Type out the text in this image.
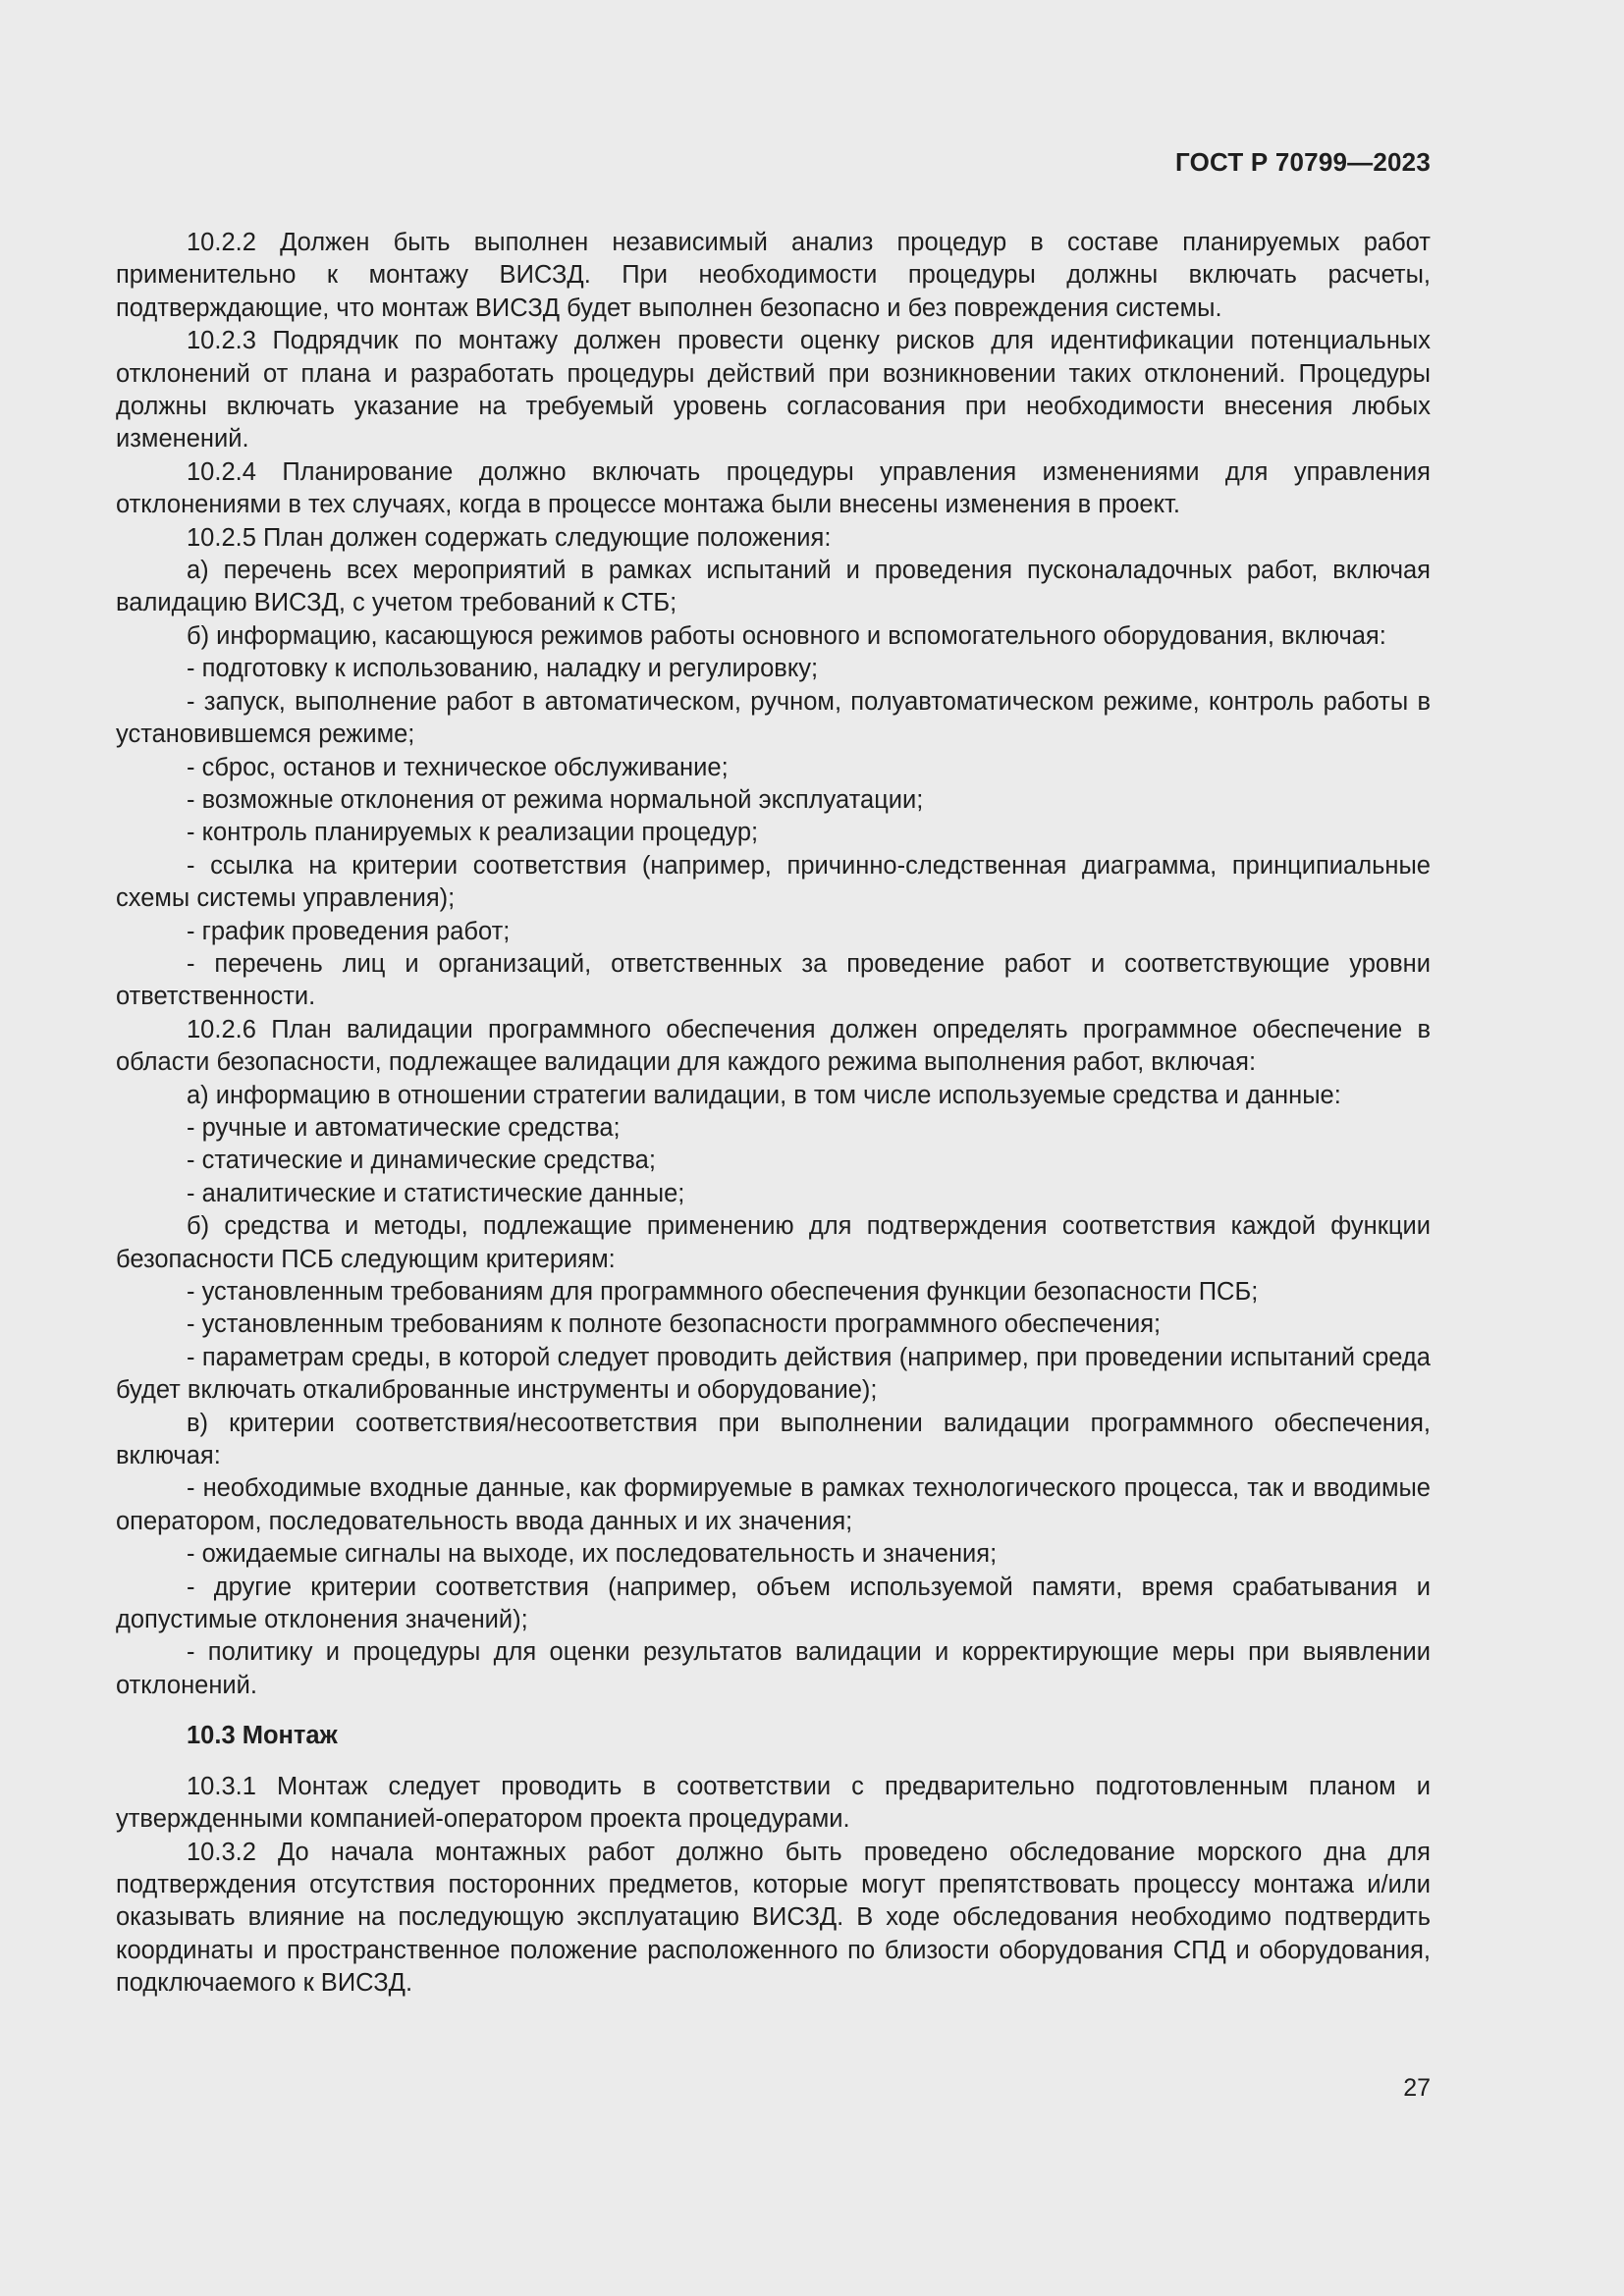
ГОСТ Р 70799—2023

10.2.2 Должен быть выполнен независимый анализ процедур в составе планируемых работ применительно к монтажу ВИСЗД. При необходимости процедуры должны включать расчеты, подтверждающие, что монтаж ВИСЗД будет выполнен безопасно и без повреждения системы.

10.2.3 Подрядчик по монтажу должен провести оценку рисков для идентификации потенциальных отклонений от плана и разработать процедуры действий при возникновении таких отклонений. Процедуры должны включать указание на требуемый уровень согласования при необходимости внесения любых изменений.

10.2.4 Планирование должно включать процедуры управления изменениями для управления отклонениями в тех случаях, когда в процессе монтажа были внесены изменения в проект.

10.2.5 План должен содержать следующие положения:

а) перечень всех мероприятий в рамках испытаний и проведения пусконаладочных работ, включая валидацию ВИСЗД, с учетом требований к СТБ;

б) информацию, касающуюся режимов работы основного и вспомогательного оборудования, включая:

- подготовку к использованию, наладку и регулировку;

- запуск, выполнение работ в автоматическом, ручном, полуавтоматическом режиме, контроль работы в установившемся режиме;

- сброс, останов и техническое обслуживание;

- возможные отклонения от режима нормальной эксплуатации;

- контроль планируемых к реализации процедур;

- ссылка на критерии соответствия (например, причинно-следственная диаграмма, принципиальные схемы системы управления);

- график проведения работ;

- перечень лиц и организаций, ответственных за проведение работ и соответствующие уровни ответственности.

10.2.6 План валидации программного обеспечения должен определять программное обеспечение в области безопасности, подлежащее валидации для каждого режима выполнения работ, включая:

а) информацию в отношении стратегии валидации, в том числе используемые средства и данные:

- ручные и автоматические средства;

- статические и динамические средства;

- аналитические и статистические данные;

б) средства и методы, подлежащие применению для подтверждения соответствия каждой функции безопасности ПСБ следующим критериям:

- установленным требованиям для программного обеспечения функции безопасности ПСБ;

- установленным требованиям к полноте безопасности программного обеспечения;

- параметрам среды, в которой следует проводить действия (например, при проведении испытаний среда будет включать откалиброванные инструменты и оборудование);

в) критерии соответствия/несоответствия при выполнении валидации программного обеспечения, включая:

- необходимые входные данные, как формируемые в рамках технологического процесса, так и вводимые оператором, последовательность ввода данных и их значения;

- ожидаемые сигналы на выходе, их последовательность и значения;

- другие критерии соответствия (например, объем используемой памяти, время срабатывания и допустимые отклонения значений);

- политику и процедуры для оценки результатов валидации и корректирующие меры при выявлении отклонений.

10.3 Монтаж

10.3.1 Монтаж следует проводить в соответствии с предварительно подготовленным планом и утвержденными компанией-оператором проекта процедурами.

10.3.2 До начала монтажных работ должно быть проведено обследование морского дна для подтверждения отсутствия посторонних предметов, которые могут препятствовать процессу монтажа и/или оказывать влияние на последующую эксплуатацию ВИСЗД. В ходе обследования необходимо подтвердить координаты и пространственное положение расположенного по близости оборудования СПД и оборудования, подключаемого к ВИСЗД.

27
